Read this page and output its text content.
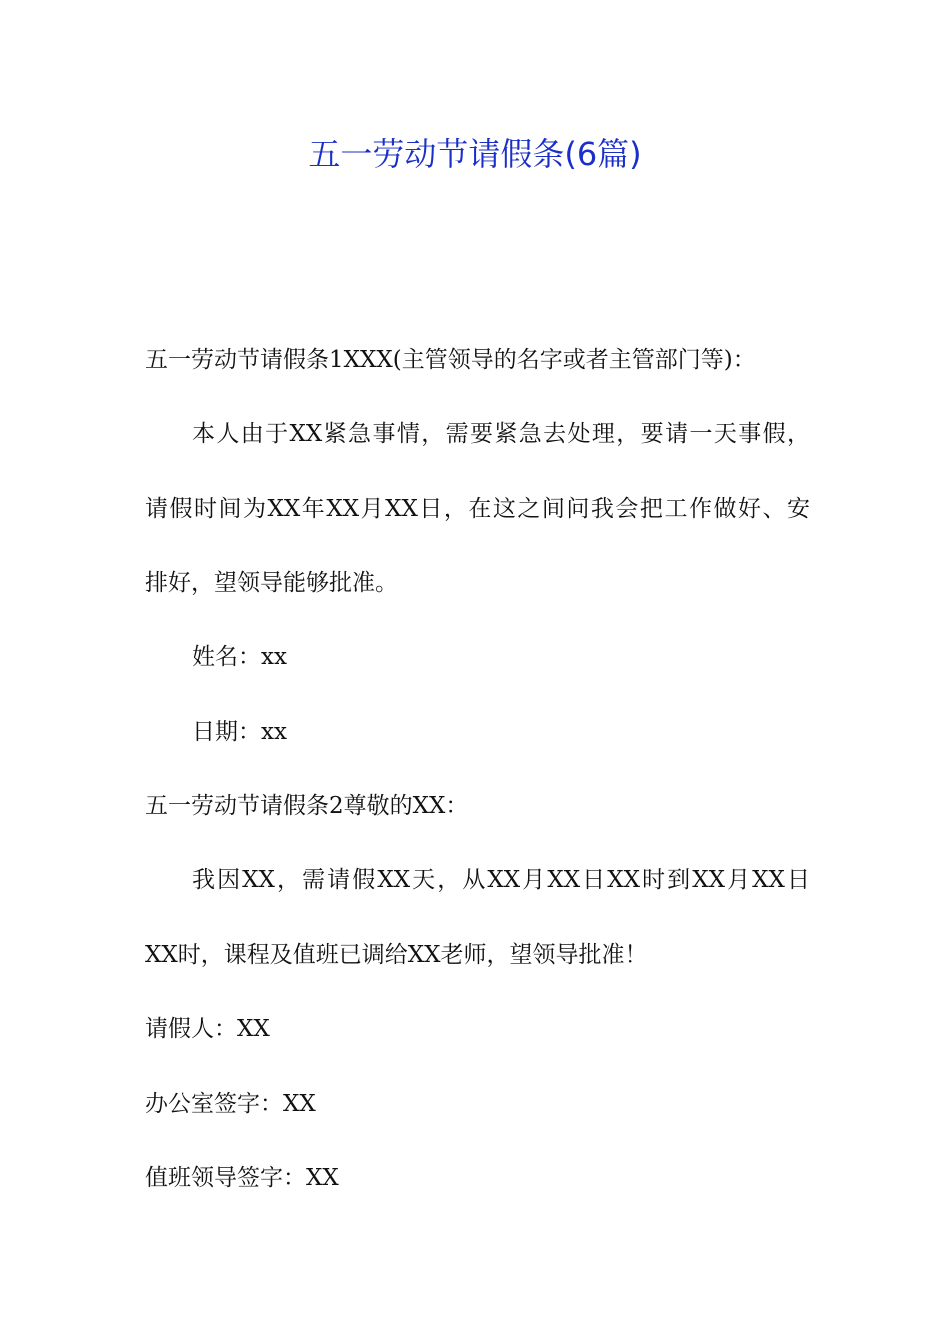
五一劳动节请假条(6篇)

五一劳动节请假条1XXX(主管领导的名字或者主管部门等)：

本人由于XX紧急事情，需要紧急去处理，要请一天事假，

请假时间为XX年XX月XX日，在这之间问我会把工作做好、安

排好，望领导能够批准。

姓名：xx

日期：xx

五一劳动节请假条2尊敬的XX：

我因XX，需请假XX天，从XX月XX日XX时到XX月XX日

XX时，课程及值班已调给XX老师，望领导批准！

请假人：XX

办公室签字：XX

值班领导签字：XX
